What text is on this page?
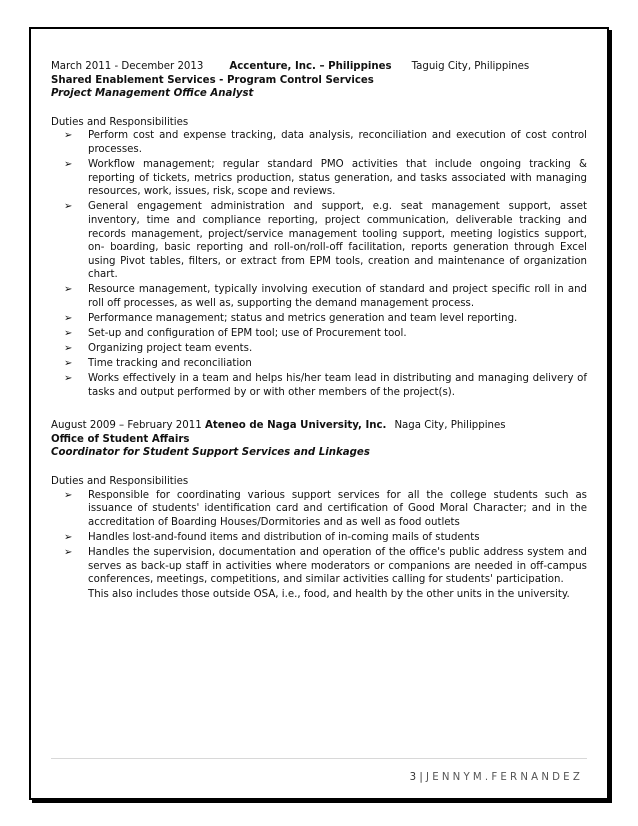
March 2011 - December 2013	Accenture, Inc. – Philippines Taguig City, Philippines
Shared Enablement Services - Program Control Services
Project Management Office Analyst
Duties and Responsibilities
➢ Perform cost and expense tracking, data analysis, reconciliation and execution of cost control processes.
➢ Workflow management; regular standard PMO activities that include ongoing tracking & reporting of tickets, metrics production, status generation, and tasks associated with managing resources, work, issues, risk, scope and reviews.
➢ General engagement administration and support, e.g. seat management support, asset inventory, time and compliance reporting, project communication, deliverable tracking and records management, project/service management tooling support, meeting logistics support, on- boarding, basic reporting and roll-on/roll-off facilitation, reports generation through Excel using Pivot tables, filters, or extract from EPM tools, creation and maintenance of organization chart.
➢ Resource management, typically involving execution of standard and project specific roll in and roll off processes, as well as, supporting the demand management process.
➢ Performance management; status and metrics generation and team level reporting.
➢ Set-up and configuration of EPM tool; use of Procurement tool.
➢ Organizing project team events.
➢ Time tracking and reconciliation
➢ Works effectively in a team and helps his/her team lead in distributing and managing delivery of tasks and output performed by or with other members of the project(s).
August 2009 – February 2011 Ateneo de Naga University, Inc. Naga City, Philippines
Office of Student Affairs
Coordinator for Student Support Services and Linkages
Duties and Responsibilities
➢ Responsible for coordinating various support services for all the college students such as issuance of students' identification card and certification of Good Moral Character; and in the accreditation of Boarding Houses/Dormitories and as well as food outlets
➢ Handles lost-and-found items and distribution of in-coming mails of students
➢ Handles the supervision, documentation and operation of the office's public address system and serves as back-up staff in activities where moderators or companions are needed in off-campus conferences, meetings, competitions, and similar activities calling for students' participation.
This also includes those outside OSA, i.e., food, and health by the other units in the university.
3 | JENNYM.FERNANDEZ
